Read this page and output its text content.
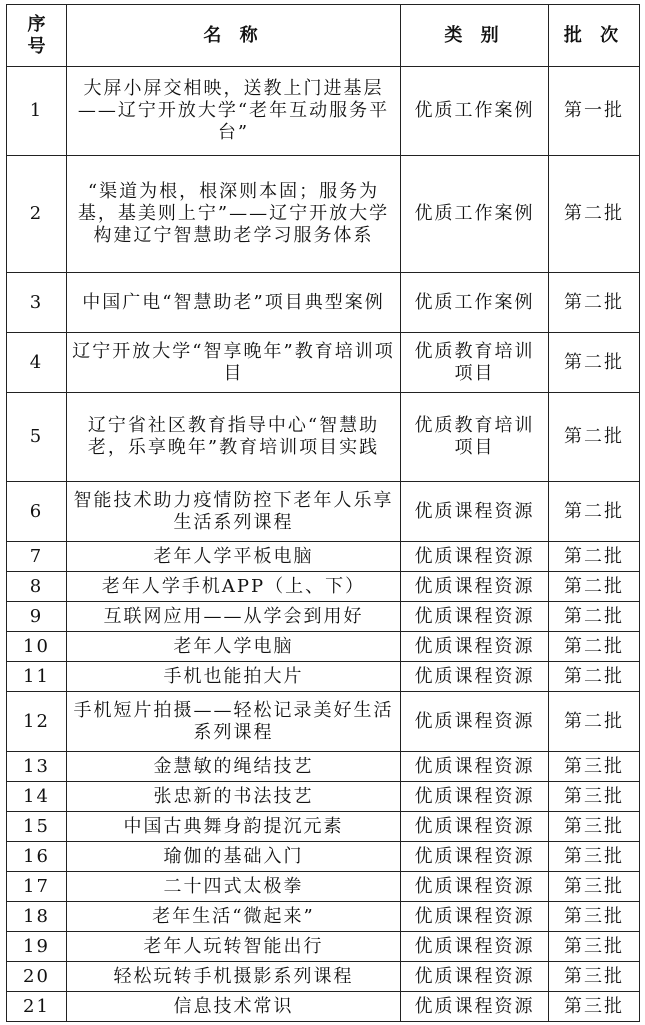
序号	名 称	类 别	批 次
1	大屏小屏交相映，送教上门进基层——辽宁开放大学“老年互动服务平台”	优质工作案例	第一批
2	“渠道为根，根深则本固；服务为基，基美则上宁”——辽宁开放大学构建辽宁智慧助老学习服务体系	优质工作案例	第二批
3	中国广电“智慧助老”项目典型案例	优质工作案例	第二批
4	辽宁开放大学“智享晚年”教育培训项目	优质教育培训项目	第二批
5	辽宁省社区教育指导中心“智慧助老，乐享晚年”教育培训项目实践	优质教育培训项目	第二批
6	智能技术助力疫情防控下老年人乐享生活系列课程	优质课程资源	第二批
7	老年人学平板电脑	优质课程资源	第二批
8	老年人学手机APP（上、下）	优质课程资源	第二批
9	互联网应用——从学会到用好	优质课程资源	第二批
10	老年人学电脑	优质课程资源	第二批
11	手机也能拍大片	优质课程资源	第二批
12	手机短片拍摄——轻松记录美好生活系列课程	优质课程资源	第二批
13	金慧敏的绳结技艺	优质课程资源	第三批
14	张忠新的书法技艺	优质课程资源	第三批
15	中国古典舞身韵提沉元素	优质课程资源	第三批
16	瑜伽的基础入门	优质课程资源	第三批
17	二十四式太极拳	优质课程资源	第三批
18	老年生活“微起来”	优质课程资源	第三批
19	老年人玩转智能出行	优质课程资源	第三批
20	轻松玩转手机摄影系列课程	优质课程资源	第三批
21	信息技术常识	优质课程资源	第三批
